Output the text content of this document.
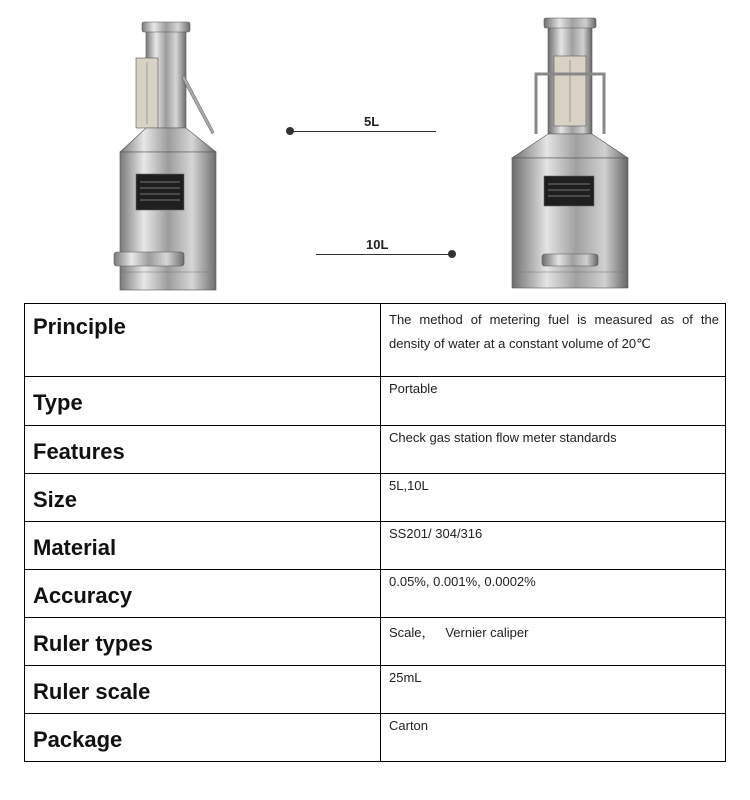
5L
10L
Principle	The method of metering fuel is measured as of the density of water at a constant volume of 20℃
Type	Portable
Features	Check gas station flow meter standards
Size	5L,10L
Material	SS201/ 304/316
Accuracy	0.05%, 0.001%, 0.0002%
Ruler types	Scale，   Vernier caliper
Ruler scale	25mL
Package	Carton
